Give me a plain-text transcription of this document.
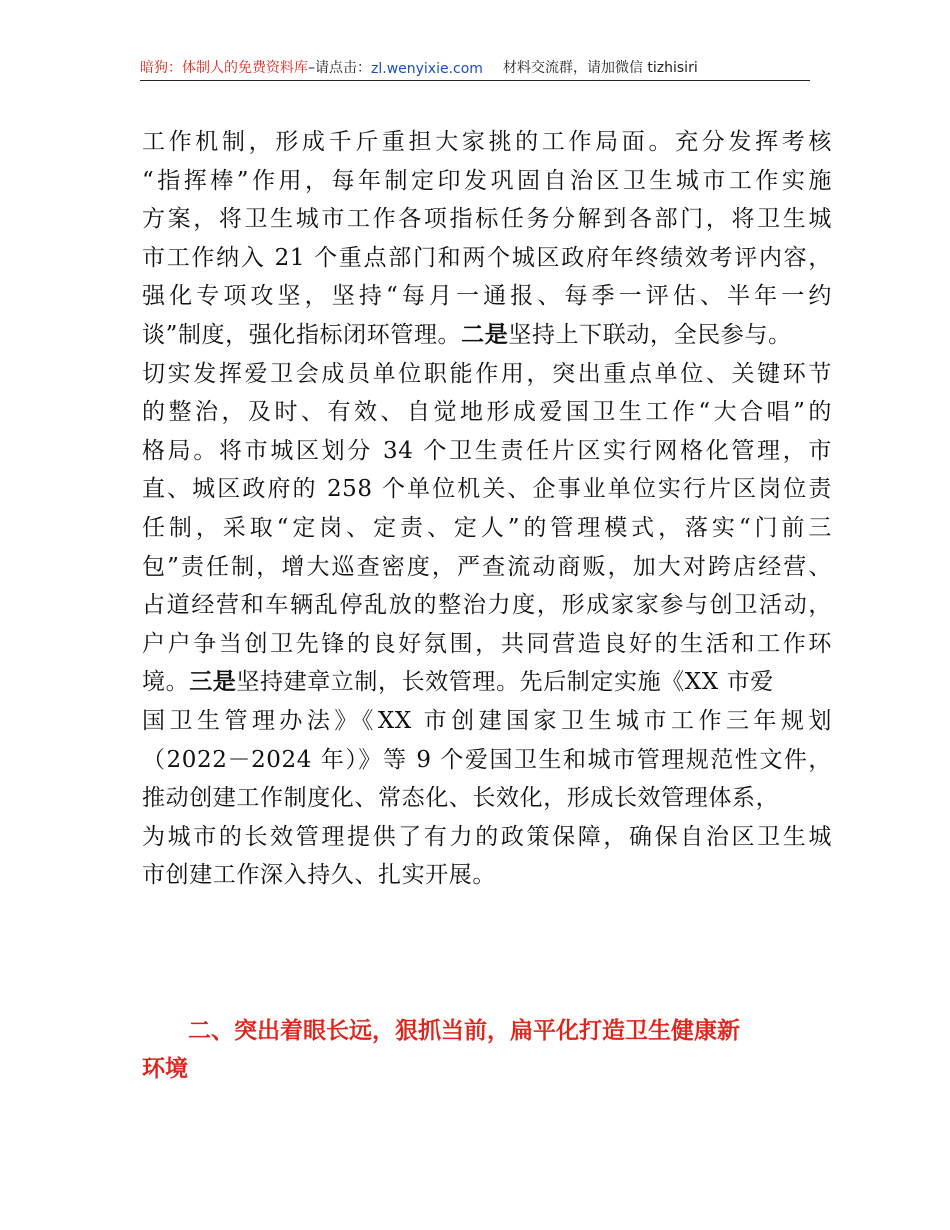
暗狗：体制人的免费资料库 –请点击： zl.wenyixie.com 材料交流群，请加微信 tizhisiri
工作机制，形成千斤重担大家挑的工作局面。充分发挥考核
“指挥棒”作用，每年制定印发巩固自治区卫生城市工作实施
方案，将卫生城市工作各项指标任务分解到各部门，将卫生城
市工作纳入 21 个重点部门和两个城区政府年终绩效考评内容，
强化专项攻坚，坚持“每月一通报、每季一评估、半年一约
谈”制度，强化指标闭环管理。二是坚持上下联动，全民参与。
切实发挥爱卫会成员单位职能作用，突出重点单位、关键环节
的整治，及时、有效、自觉地形成爱国卫生工作“大合唱”的
格局。将市城区划分 34 个卫生责任片区实行网格化管理，市
直、城区政府的 258 个单位机关、企事业单位实行片区岗位责
任制，采取“定岗、定责、定人”的管理模式，落实“门前三
包”责任制，增大巡查密度，严查流动商贩，加大对跨店经营、
占道经营和车辆乱停乱放的整治力度，形成家家参与创卫活动，
户户争当创卫先锋的良好氛围，共同营造良好的生活和工作环
境。三是坚持建章立制，长效管理。先后制定实施《XX 市爱
国卫生管理办法》《XX 市创建国家卫生城市工作三年规划
（2022－2024 年）》等 9 个爱国卫生和城市管理规范性文件，
推动创建工作制度化、常态化、长效化，形成长效管理体系，
为城市的长效管理提供了有力的政策保障，确保自治区卫生城
市创建工作深入持久、扎实开展。
二、突出着眼长远，狠抓当前，扁平化打造卫生健康新
环境
